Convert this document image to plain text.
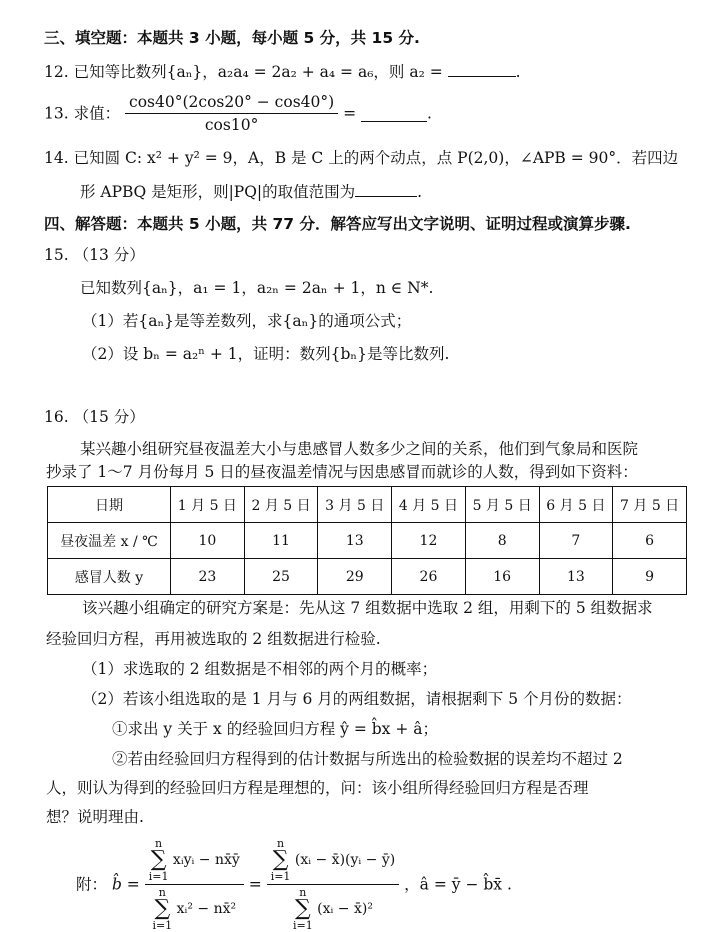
三、填空题：本题共 3 小题，每小题 5 分，共 15 分.
12. 已知等比数列{aₙ}，a₂a₄ = 2a₂ + a₄ = a₆，则 a₂ =	.
13. 求值： $\frac{\cos 40^\circ(2\cos 20^\circ - \cos 40^\circ)}{\cos 10^\circ}$ =	.
14. 已知圆 C: x² + y² = 9，A，B 是 C 上的两个动点，点 P(2,0)，∠APB = 90°．若四边
形 APBQ 是矩形，则|PQ|的取值范围为	.
四、解答题：本题共 5 小题，共 77 分．解答应写出文字说明、证明过程或演算步骤.
15. （13 分）
已知数列{aₙ}，a₁ = 1，a₂ₙ = 2aₙ + 1，n ∈ N*.
（1）若{aₙ}是等差数列，求{aₙ}的通项公式；
（2）设 bₙ = a₂ⁿ + 1，证明：数列{bₙ}是等比数列.
16. （15 分）
某兴趣小组研究昼夜温差大小与患感冒人数多少之间的关系，他们到气象局和医院
抄录了 1～7 月份每月 5 日的昼夜温差情况与因患感冒而就诊的人数，得到如下资料：
日期	1 月 5 日	2 月 5 日	3 月 5 日	4 月 5 日	5 月 5 日	6 月 5 日	7 月 5 日
昼夜温差 x / ℃	10	11	13	12	8	7	6
感冒人数 y	23	25	29	26	16	13	9
该兴趣小组确定的研究方案是：先从这 7 组数据中选取 2 组，用剩下的 5 组数据求
经验回归方程，再用被选取的 2 组数据进行检验.
（1）求选取的 2 组数据是不相邻的两个月的概率；
（2）若该小组选取的是 1 月与 6 月的两组数据，请根据剩下 5 个月份的数据：
①求出 y 关于 x 的经验回归方程 ŷ = b̂x + â；
②若由经验回归方程得到的估计数据与所选出的检验数据的误差均不超过 2
人，则认为得到的经验回归方程是理想的，问：该小组所得经验回归方程是否理
想？说明理由.
附： b̂ = n
∑
i=1 xᵢyᵢ − nx̄ȳ
n
∑
i=1 xᵢ² − nx̄² = n
∑
i=1 (xᵢ − x̄)(yᵢ − ȳ)
n
∑
i=1 (xᵢ − x̄)² ，â = ȳ − b̂x̄ .
